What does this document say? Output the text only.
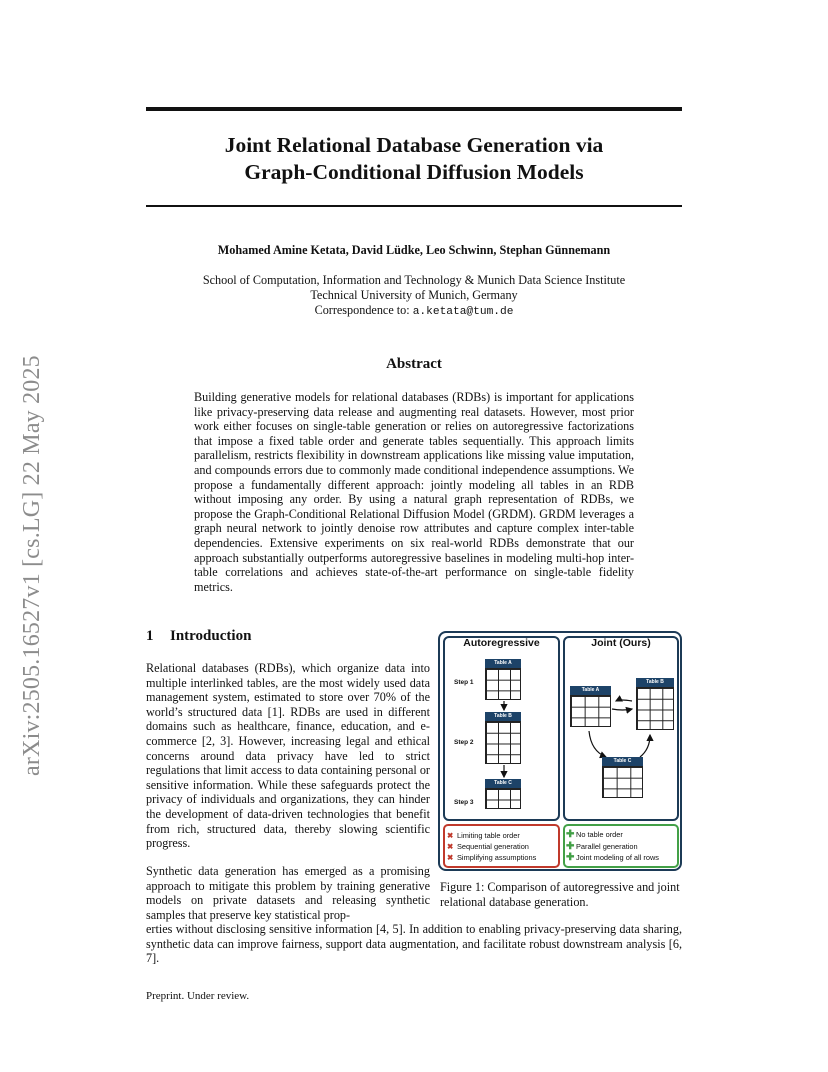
arXiv:2505.16527v1 [cs.LG] 22 May 2025
Joint Relational Database Generation via
Graph-Conditional Diffusion Models
Mohamed Amine Ketata, David Lüdke, Leo Schwinn, Stephan Günnemann
School of Computation, Information and Technology & Munich Data Science Institute
Technical University of Munich, Germany
Correspondence to: a.ketata@tum.de
Abstract
Building generative models for relational databases (RDBs) is important for applications like privacy-preserving data release and augmenting real datasets. However, most prior work either focuses on single-table generation or relies on autoregressive factorizations that impose a fixed table order and generate tables sequentially. This approach limits parallelism, restricts flexibility in downstream applications like missing value imputation, and compounds errors due to commonly made conditional independence assumptions. We propose a fundamentally different approach: jointly modeling all tables in an RDB without imposing any order. By using a natural graph representation of RDBs, we propose the Graph-Conditional Relational Diffusion Model (GRDM). GRDM leverages a graph neural network to jointly denoise row attributes and capture complex inter-table dependencies. Extensive experiments on six real-world RDBs demonstrate that our approach substantially outperforms autoregressive baselines in modeling multi-hop inter-table correlations and achieves state-of-the-art performance on single-table fidelity metrics.
1 Introduction
Relational databases (RDBs), which organize data into multiple interlinked tables, are the most widely used data management system, estimated to store over 70% of the world’s structured data [1]. RDBs are used in different domains such as healthcare, finance, education, and e-commerce [2, 3]. However, increasing legal and ethical concerns around data privacy have led to strict regulations that limit access to data containing personal or sensitive information. While these safeguards protect the privacy of individuals and organizations, they can hinder the development of data-driven technologies that benefit from rich, structured data, thereby slowing scientific progress.
Synthetic data generation has emerged as a promising approach to mitigate this problem by training generative models on private datasets and releasing synthetic samples that preserve key statistical prop-
erties without disclosing sensitive information [4, 5]. In addition to enabling privacy-preserving data sharing, synthetic data can improve fairness, support data augmentation, and facilitate robust downstream analysis [6, 7].
Autoregressive	Joint (Ours)
Step 1
Step 2
Step 3
Table A
Table B
Table C
Table A
Table B
Table C
✖ Limiting table order
✖ Sequential generation
✖ Simplifying assumptions
✚ No table order
✚ Parallel generation
✚ Joint modeling of all rows
Figure 1: Comparison of autoregressive and joint relational database generation.
Preprint. Under review.
